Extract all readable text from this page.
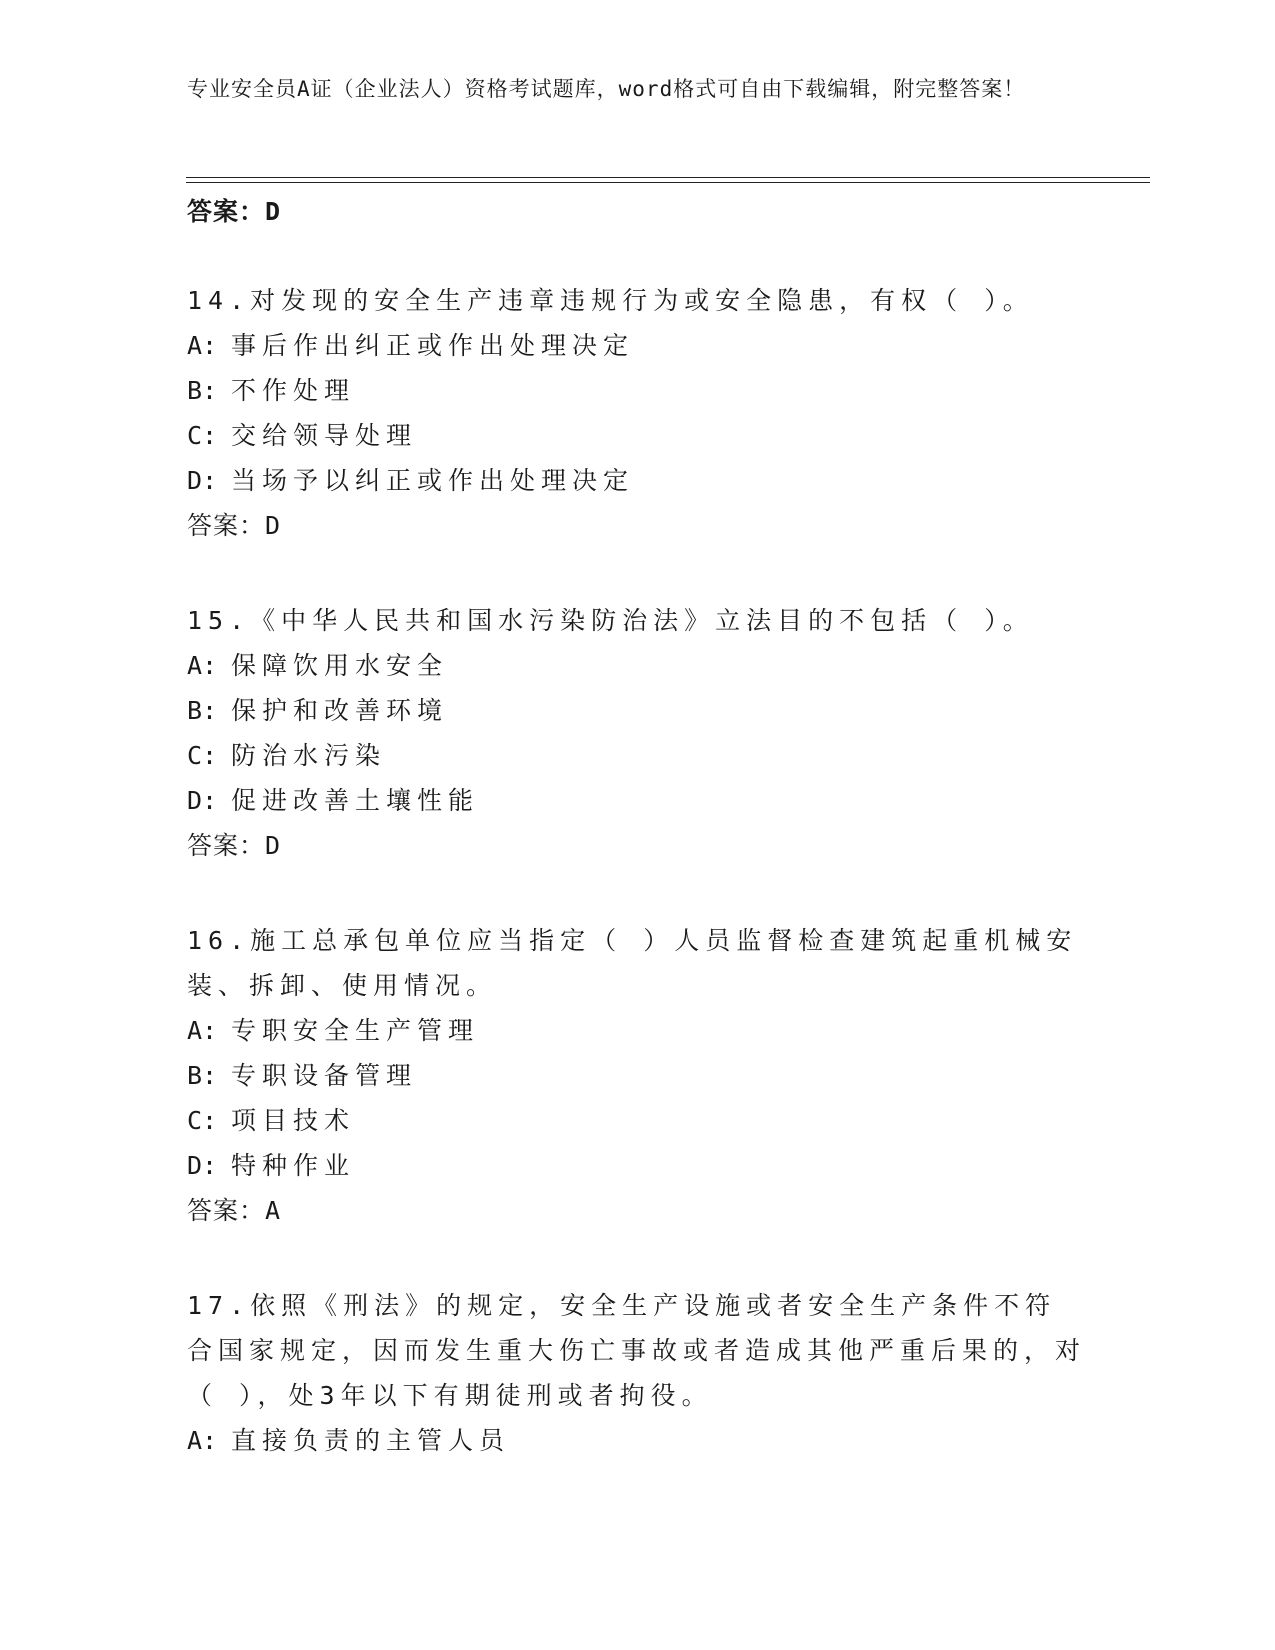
专业安全员A证（企业法人）资格考试题库，word格式可自由下载编辑，附完整答案！
答案：D

14.对发现的安全生产违章违规行为或安全隐患，有权（ ）。

A: 事后作出纠正或作出处理决定

B: 不作处理

C: 交给领导处理

D: 当场予以纠正或作出处理决定

答案：D

15.《中华人民共和国水污染防治法》立法目的不包括（ ）。

A: 保障饮用水安全

B: 保护和改善环境

C: 防治水污染

D: 促进改善土壤性能

答案：D

16.施工总承包单位应当指定（ ）人员监督检查建筑起重机械安装、拆卸、使用情况。

A: 专职安全生产管理

B: 专职设备管理

C: 项目技术

D: 特种作业

答案：A

17.依照《刑法》的规定，安全生产设施或者安全生产条件不符合国家规定，因而发生重大伤亡事故或者造成其他严重后果的，对（ ），处3年以下有期徒刑或者拘役。

A: 直接负责的主管人员
